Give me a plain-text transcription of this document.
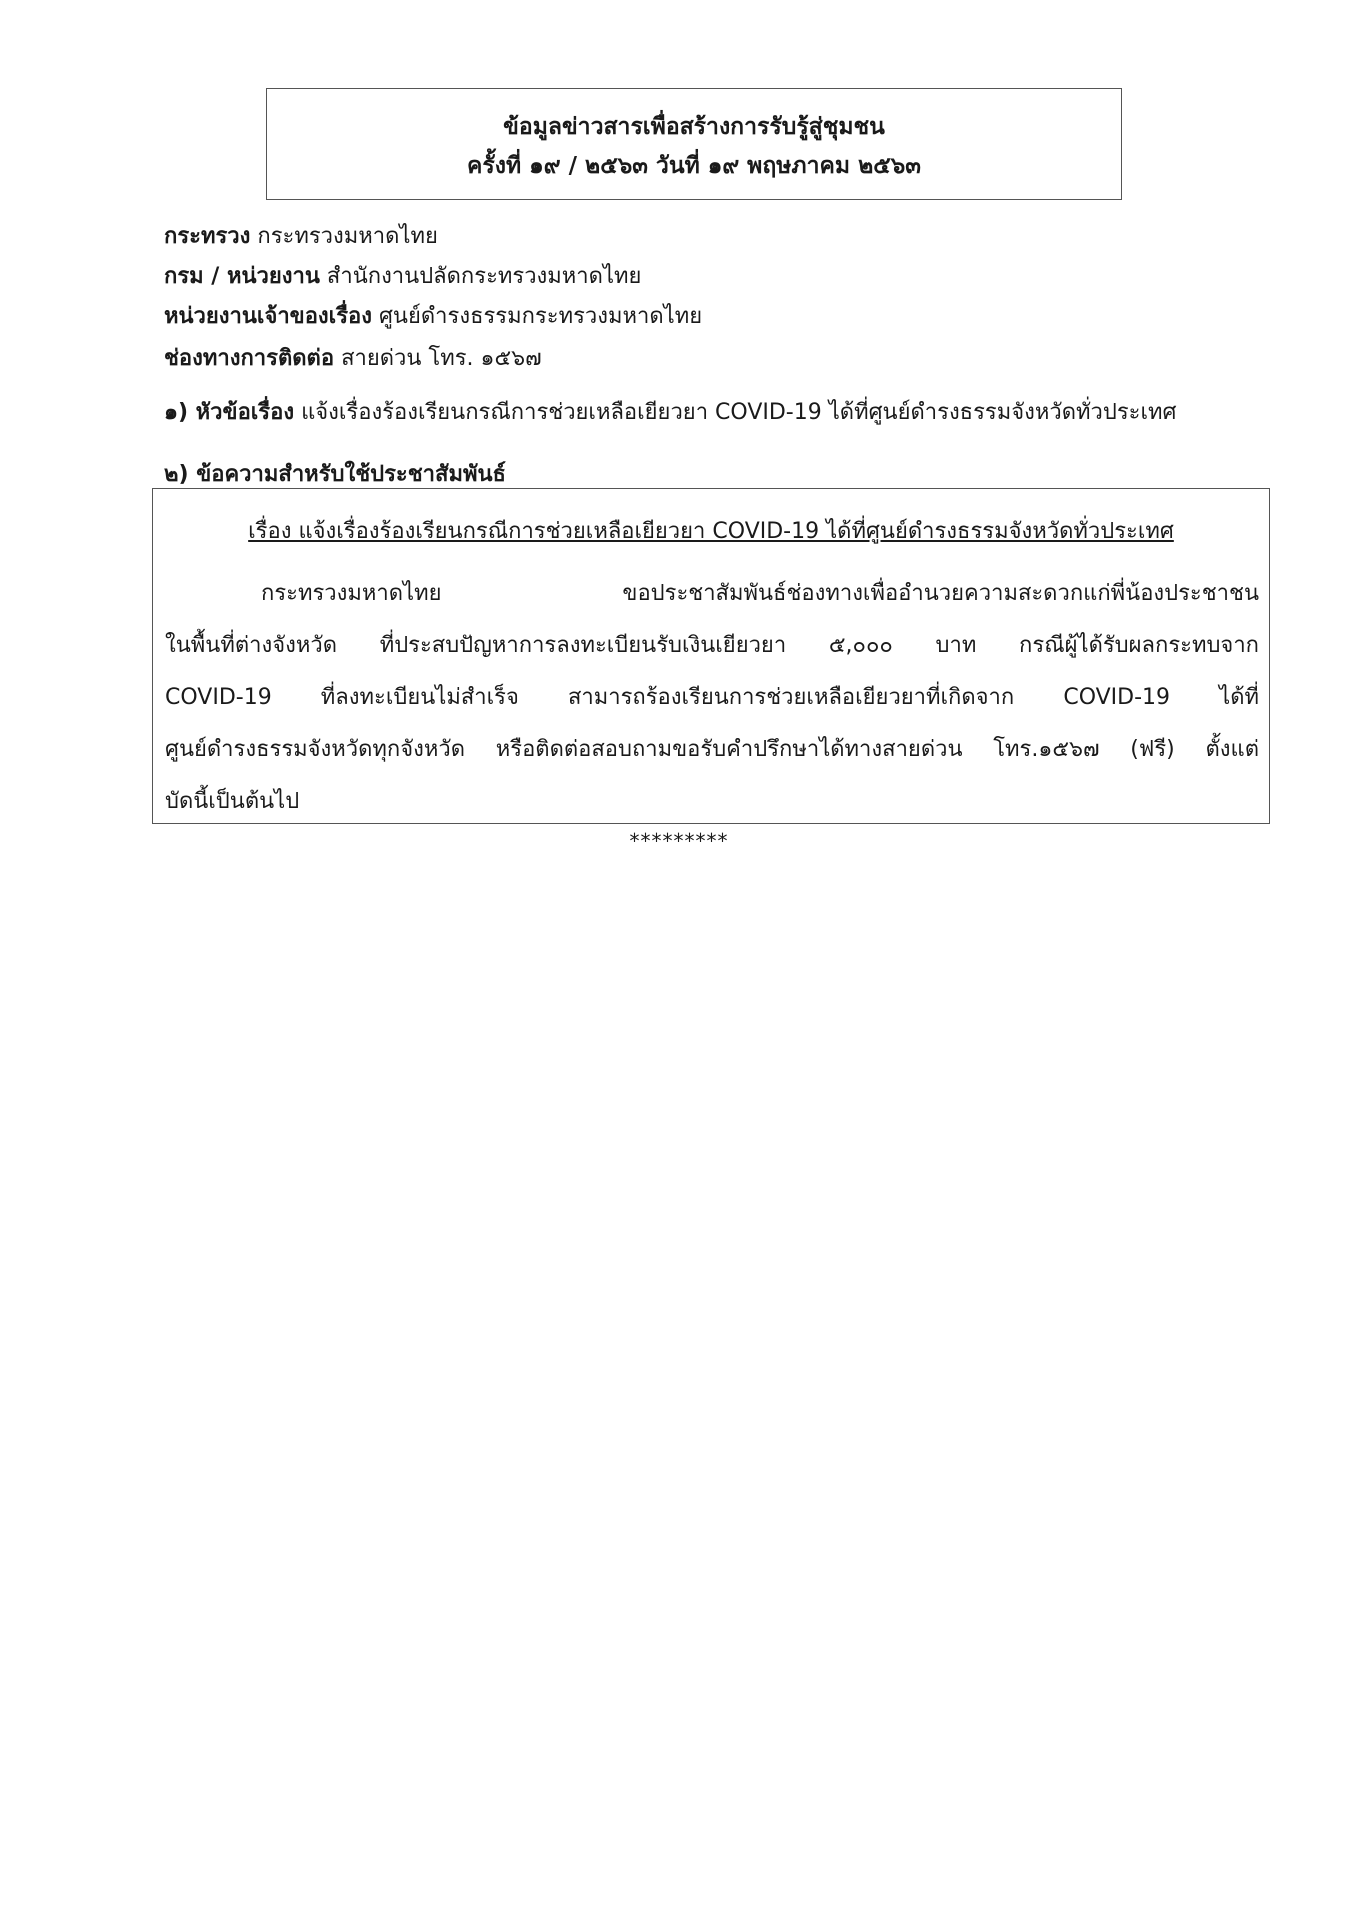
ข้อมูลข่าวสารเพื่อสร้างการรับรู้สู่ชุมชน
ครั้งที่ ๑๙ / ๒๕๖๓ วันที่ ๑๙ พฤษภาคม ๒๕๖๓
กระทรวง กระทรวงมหาดไทย
กรม / หน่วยงาน สำนักงานปลัดกระทรวงมหาดไทย
หน่วยงานเจ้าของเรื่อง ศูนย์ดำรงธรรมกระทรวงมหาดไทย
ช่องทางการติดต่อ สายด่วน โทร. ๑๕๖๗
๑) หัวข้อเรื่อง แจ้งเรื่องร้องเรียนกรณีการช่วยเหลือเยียวยา COVID-19 ได้ที่ศูนย์ดำรงธรรมจังหวัดทั่วประเทศ
๒) ข้อความสำหรับใช้ประชาสัมพันธ์
เรื่อง แจ้งเรื่องร้องเรียนกรณีการช่วยเหลือเยียวยา COVID-19 ได้ที่ศูนย์ดำรงธรรมจังหวัดทั่วประเทศ
กระทรวงมหาดไทย ขอประชาสัมพันธ์ช่องทางเพื่ออำนวยความสะดวกแก่พี่น้องประชาชน
ในพื้นที่ต่างจังหวัด ที่ประสบปัญหาการลงทะเบียนรับเงินเยียวยา ๕,๐๐๐ บาท กรณีผู้ได้รับผลกระทบจาก
COVID-19 ที่ลงทะเบียนไม่สำเร็จ สามารถร้องเรียนการช่วยเหลือเยียวยาที่เกิดจาก COVID-19 ได้ที่
ศูนย์ดำรงธรรมจังหวัดทุกจังหวัด หรือติดต่อสอบถามขอรับคำปรึกษาได้ทางสายด่วน โทร.๑๕๖๗ (ฟรี) ตั้งแต่
บัดนี้เป็นต้นไป
*********
